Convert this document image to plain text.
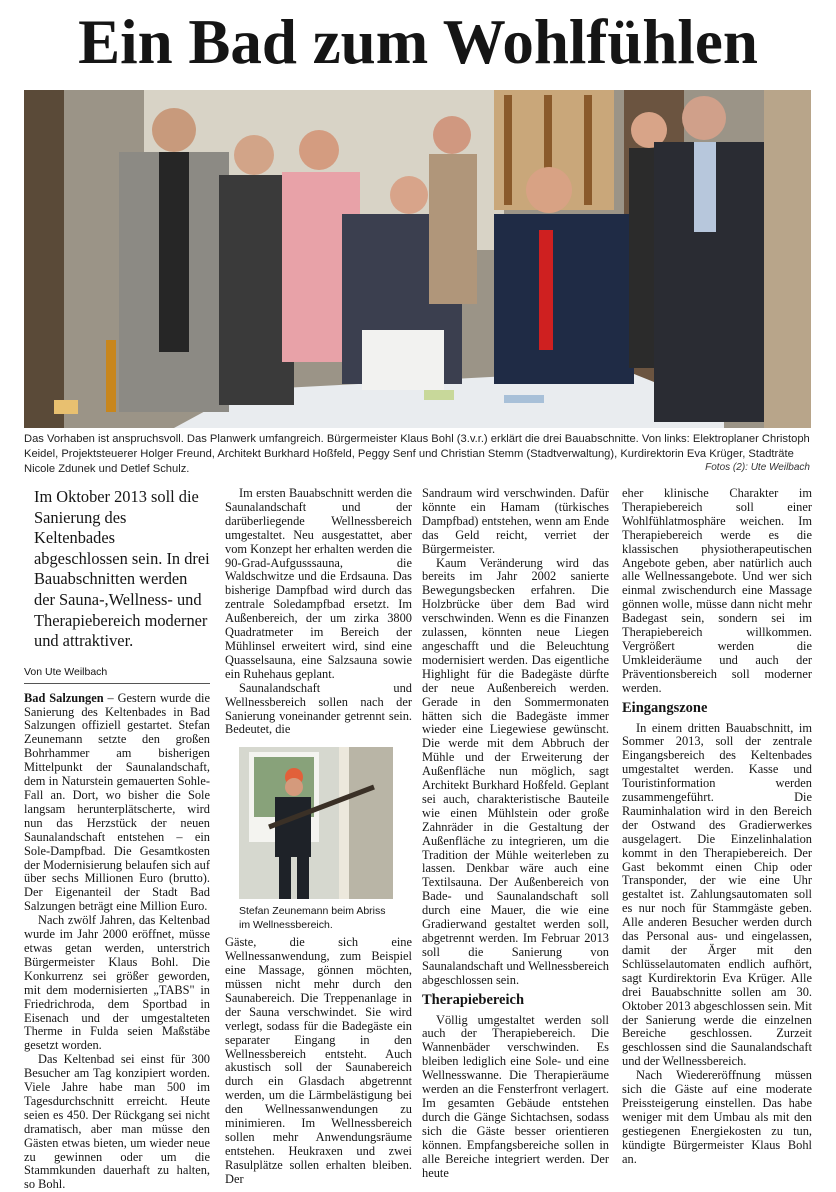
Ein Bad zum Wohlfühlen

Das Vorhaben ist anspruchsvoll. Das Planwerk umfangreich. Bürgermeister Klaus Bohl (3.v.r.) erklärt die drei Bauabschnitte. Von links: Elektroplaner Christoph Keidel, Projektsteuerer Holger Freund, Architekt Burkhard Hoßfeld, Peggy Senf und Christian Stemm (Stadtverwaltung), Kurdirektorin Eva Krüger, Stadträte Nicole Zdunek und Detlef Schulz.	Fotos (2): Ute Weilbach

Im Oktober 2013 soll die Sanierung des Keltenbades abgeschlossen sein. In drei Bauabschnitten werden der Sauna-,Wellness- und Therapiebereich moderner und attraktiver.

Von Ute Weilbach

Bad Salzungen – Gestern wurde die Sanierung des Keltenbades in Bad Salzungen offiziell gestartet. Stefan Zeunemann setzte den großen Bohrhammer am bisherigen Mittelpunkt der Saunalandschaft, dem in Naturstein gemauerten Sohle-Fall an. Dort, wo bisher die Sole langsam herunterplätscherte, wird nun das Herzstück der neuen Saunalandschaft entstehen – ein Sole-Dampfbad. Die Gesamtkosten der Modernisierung belaufen sich auf über sechs Millionen Euro (brutto). Der Eigenanteil der Stadt Bad Salzungen beträgt eine Million Euro.

Nach zwölf Jahren, das Keltenbad wurde im Jahr 2000 eröffnet, müsse etwas getan werden, unterstrich Bürgermeister Klaus Bohl. Die Konkurrenz sei größer geworden, mit dem modernisierten „TABS" in Friedrichroda, dem Sportbad in Eisenach und der umgestalteten Therme in Fulda seien Maßstäbe gesetzt worden.

Das Keltenbad sei einst für 300 Besucher am Tag konzipiert worden. Viele Jahre habe man 500 im Tagesdurchschnitt erreicht. Heute seien es 450. Der Rückgang sei nicht dramatisch, aber man müsse den Gästen etwas bieten, um wieder neue zu gewinnen oder um die Stammkunden dauerhaft zu halten, so Bohl.

Im ersten Bauabschnitt werden die Saunalandschaft und der darüberliegende Wellnessbereich umgestaltet. Neu ausgestattet, aber vom Konzept her erhalten werden die 90-Grad-Aufgusssauna, die Waldschwitze und die Erdsauna. Das bisherige Dampfbad wird durch das zentrale Soledampfbad ersetzt. Im Außenbereich, der um zirka 3800 Quadratmeter im Bereich der Mühlinsel erweitert wird, sind eine Quasselsauna, eine Salzsauna sowie ein Ruhehaus geplant.

Saunalandschaft und Wellnessbereich sollen nach der Sanierung voneinander getrennt sein. Bedeutet, die

Stefan Zeunemann beim Abriss im Wellnessbereich.

Gäste, die sich eine Wellnessanwendung, zum Beispiel eine Massage, gönnen möchten, müssen nicht mehr durch den Saunabereich. Die Treppenanlage in der Sauna verschwindet. Sie wird verlegt, sodass für die Badegäste ein separater Eingang in den Wellnessbereich entsteht. Auch akustisch soll der Saunabereich durch ein Glasdach abgetrennt werden, um die Lärmbelästigung bei den Wellnessanwendungen zu minimieren. Im Wellnessbereich sollen mehr Anwendungsräume entstehen. Heukraxen und zwei Rasulplätze sollen erhalten bleiben. Der

Sandraum wird verschwinden. Dafür könnte ein Hamam (türkisches Dampfbad) entstehen, wenn am Ende das Geld reicht, verriet der Bürgermeister.

Kaum Veränderung wird das bereits im Jahr 2002 sanierte Bewegungsbecken erfahren. Die Holzbrücke über dem Bad wird verschwinden. Wenn es die Finanzen zulassen, könnten neue Liegen angeschafft und die Beleuchtung modernisiert werden. Das eigentliche Highlight für die Badegäste dürfte der neue Außenbereich werden. Gerade in den Sommermonaten hätten sich die Badegäste immer wieder eine Liegewiese gewünscht. Die werde mit dem Abbruch der Mühle und der Erweiterung der Außenfläche nun möglich, sagt Architekt Burkhard Hoßfeld. Geplant sei auch, charakteristische Bauteile wie einen Mühlstein oder große Zahnräder in die Gestaltung der Außenfläche zu integrieren, um die Tradition der Mühle weiterleben zu lassen. Denkbar wäre auch eine Textilsauna. Der Außenbereich von Bade- und Saunalandschaft soll durch eine Mauer, die wie eine Gradierwand gestaltet werden soll, abgetrennt werden. Im Februar 2013 soll die Sanierung von Saunalandschaft und Wellnessbereich abgeschlossen sein.

Therapiebereich

Völlig umgestaltet werden soll auch der Therapiebereich. Die Wannenbäder verschwinden. Es bleiben lediglich eine Sole- und eine Wellnesswanne. Die Therapieräume werden an die Fensterfront verlagert. Im gesamten Gebäude entstehen durch die Gänge Sichtachsen, sodass sich die Gäste besser orientieren können. Empfangsbereiche sollen in alle Bereiche integriert werden. Der heute

eher klinische Charakter im Therapiebereich soll einer Wohlfühlatmosphäre weichen. Im Therapiebereich werde es die klassischen physiotherapeutischen Angebote geben, aber natürlich auch alle Wellnessangebote. Und wer sich einmal zwischendurch eine Massage gönnen wolle, müsse dann nicht mehr Badegast sein, sondern sei im Therapiebereich willkommen. Vergrößert werden die Umkleideräume und auch der Präventionsbereich soll moderner werden.

Eingangszone

In einem dritten Bauabschnitt, im Sommer 2013, soll der zentrale Eingangsbereich des Keltenbades umgestaltet werden. Kasse und Touristinformation werden zusammengeführt. Die Rauminhalation wird in den Bereich der Ostwand des Gradierwerkes ausgelagert. Die Einzelinhalation kommt in den Therapiebereich. Der Gast bekommt einen Chip oder Transponder, der wie eine Uhr gestaltet ist. Zahlungsautomaten soll es nur noch für Stammgäste geben. Alle anderen Besucher werden durch das Personal aus- und eingelassen, damit der Ärger mit den Schlüsselautomaten endlich aufhört, sagt Kurdirektorin Eva Krüger. Alle drei Bauabschnitte sollen am 30. Oktober 2013 abgeschlossen sein. Mit der Sanierung werde die einzelnen Bereiche geschlossen. Zurzeit geschlossen sind die Saunalandschaft und der Wellnessbereich.

Nach Wiedereröffnung müssen sich die Gäste auf eine moderate Preissteigerung einstellen. Das habe weniger mit dem Umbau als mit den gestiegenen Energiekosten zu tun, kündigte Bürgermeister Klaus Bohl an.
